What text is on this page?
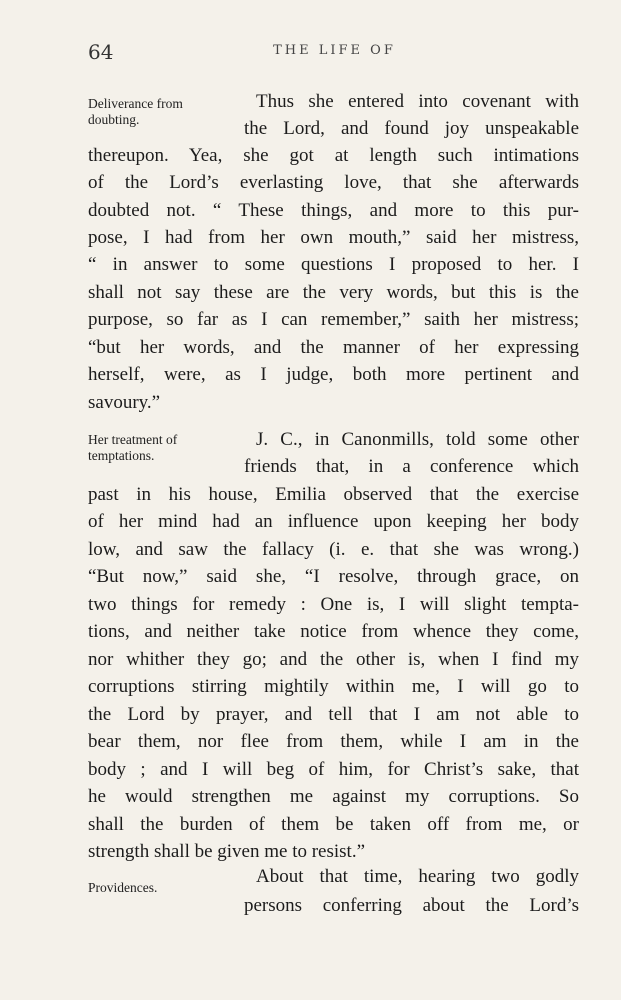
64	THE LIFE OF
Deliverance from
doubting.
Her treatment of
temptations.
Providences.
Thus she entered into covenant with
the Lord, and found joy unspeakable
thereupon. Yea, she got at length such intimations
of the Lord’s everlasting love, that she afterwards
doubted not. “ These things, and more to this pur-
pose, I had from her own mouth,” said her mistress,
“ in answer to some questions I proposed to her. I
shall not say these are the very words, but this is the
purpose, so far as I can remember,” saith her mistress;
“but her words, and the manner of her expressing
herself, were, as I judge, both more pertinent and
savoury.”
J. C., in Canonmills, told some other
friends that, in a conference which
past in his house, Emilia observed that the exercise
of her mind had an influence upon keeping her body
low, and saw the fallacy (i. e. that she was wrong.)
“But now,” said she, “I resolve, through grace, on
two things for remedy : One is, I will slight tempta-
tions, and neither take notice from whence they come,
nor whither they go; and the other is, when I find my
corruptions stirring mightily within me, I will go to
the Lord by prayer, and tell that I am not able to
bear them, nor flee from them, while I am in the
body ; and I will beg of him, for Christ’s sake, that
he would strengthen me against my corruptions. So
shall the burden of them be taken off from me, or
strength shall be given me to resist.”
About that time, hearing two godly
persons conferring about the Lord’s
